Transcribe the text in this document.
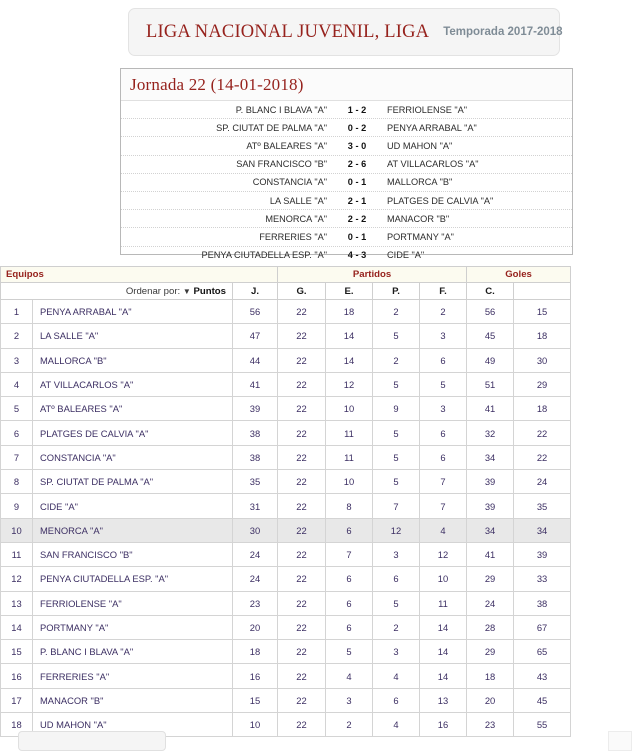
LIGA NACIONAL JUVENIL, LIGA Temporada 2017-2018
Jornada 22 (14-01-2018)
P. BLANC I BLAVA "A"	1 - 2	FERRIOLENSE "A"
SP. CIUTAT DE PALMA "A"	0 - 2	PENYA ARRABAL "A"
ATº BALEARES "A"	3 - 0	UD MAHON "A"
SAN FRANCISCO "B"	2 - 6	AT VILLACARLOS "A"
CONSTANCIA "A"	0 - 1	MALLORCA "B"
LA SALLE "A"	2 - 1	PLATGES DE CALVIA "A"
MENORCA "A"	2 - 2	MANACOR "B"
FERRERIES "A"	0 - 1	PORTMANY "A"
PENYA CIUTADELLA ESP. "A"	4 - 3	CIDE "A"
Equipos			Partidos				Goles	
Ordenar por: ▼ Puntos		J.	G.	E.	P.	F.	C.	
1	PENYA ARRABAL "A"	56	22	18	2	2	56	15
2	LA SALLE "A"	47	22	14	5	3	45	18
3	MALLORCA "B"	44	22	14	2	6	49	30
4	AT VILLACARLOS "A"	41	22	12	5	5	51	29
5	ATº BALEARES "A"	39	22	10	9	3	41	18
6	PLATGES DE CALVIA "A"	38	22	11	5	6	32	22
7	CONSTANCIA "A"	38	22	11	5	6	34	22
8	SP. CIUTAT DE PALMA "A"	35	22	10	5	7	39	24
9	CIDE "A"	31	22	8	7	7	39	35
10	MENORCA "A"	30	22	6	12	4	34	34
11	SAN FRANCISCO "B"	24	22	7	3	12	41	39
12	PENYA CIUTADELLA ESP. "A"	24	22	6	6	10	29	33
13	FERRIOLENSE "A"	23	22	6	5	11	24	38
14	PORTMANY "A"	20	22	6	2	14	28	67
15	P. BLANC I BLAVA "A"	18	22	5	3	14	29	65
16	FERRERIES "A"	16	22	4	4	14	18	43
17	MANACOR "B"	15	22	3	6	13	20	45
18	UD MAHON "A"	10	22	2	4	16	23	55
